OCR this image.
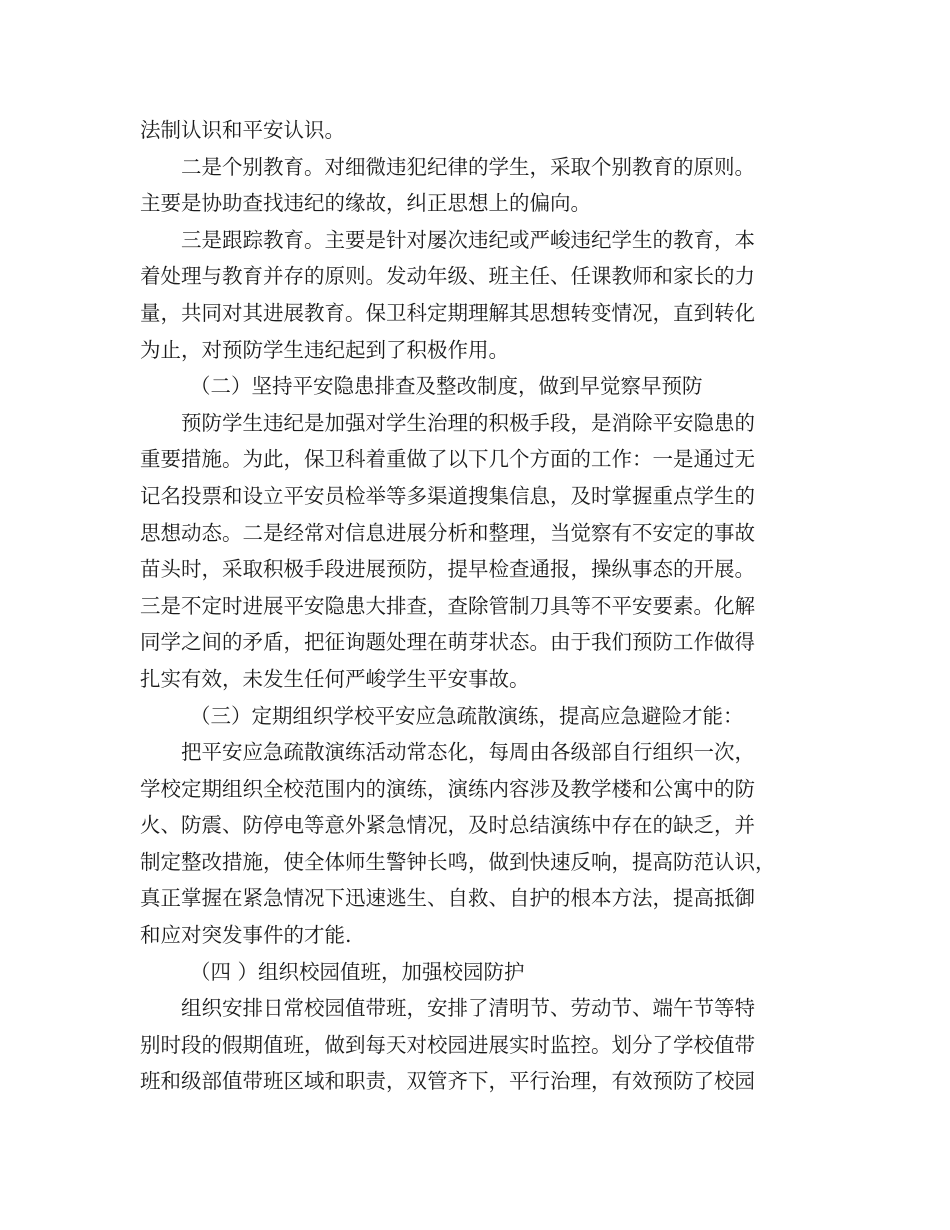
法制认识和平安认识。
二是个别教育。对细微违犯纪律的学生，采取个别教育的原则。
主要是协助查找违纪的缘故，纠正思想上的偏向。
三是跟踪教育。主要是针对屡次违纪或严峻违纪学生的教育，本
着处理与教育并存的原则。发动年级、班主任、任课教师和家长的力
量，共同对其进展教育。保卫科定期理解其思想转变情况，直到转化
为止，对预防学生违纪起到了积极作用。
（二）坚持平安隐患排查及整改制度，做到早觉察早预防
预防学生违纪是加强对学生治理的积极手段，是消除平安隐患的
重要措施。为此，保卫科着重做了以下几个方面的工作：一是通过无
记名投票和设立平安员检举等多渠道搜集信息，及时掌握重点学生的
思想动态。二是经常对信息进展分析和整理，当觉察有不安定的事故
苗头时，采取积极手段进展预防，提早检查通报，操纵事态的开展。
三是不定时进展平安隐患大排查，查除管制刀具等不平安要素。化解
同学之间的矛盾，把征询题处理在萌芽状态。由于我们预防工作做得
扎实有效，未发生任何严峻学生平安事故。
（三）定期组织学校平安应急疏散演练，提高应急避险才能：
把平安应急疏散演练活动常态化，每周由各级部自行组织一次，
学校定期组织全校范围内的演练，演练内容涉及教学楼和公寓中的防
火、防震、防停电等意外紧急情况，及时总结演练中存在的缺乏，并
制定整改措施，使全体师生警钟长鸣，做到快速反响，提高防范认识，
真正掌握在紧急情况下迅速逃生、自救、自护的根本方法，提高抵御
和应对突发事件的才能.
（四 ）组织校园值班，加强校园防护
组织安排日常校园值带班，安排了清明节、劳动节、端午节等特
别时段的假期值班，做到每天对校园进展实时监控。划分了学校值带
班和级部值带班区域和职责，双管齐下，平行治理，有效预防了校园
